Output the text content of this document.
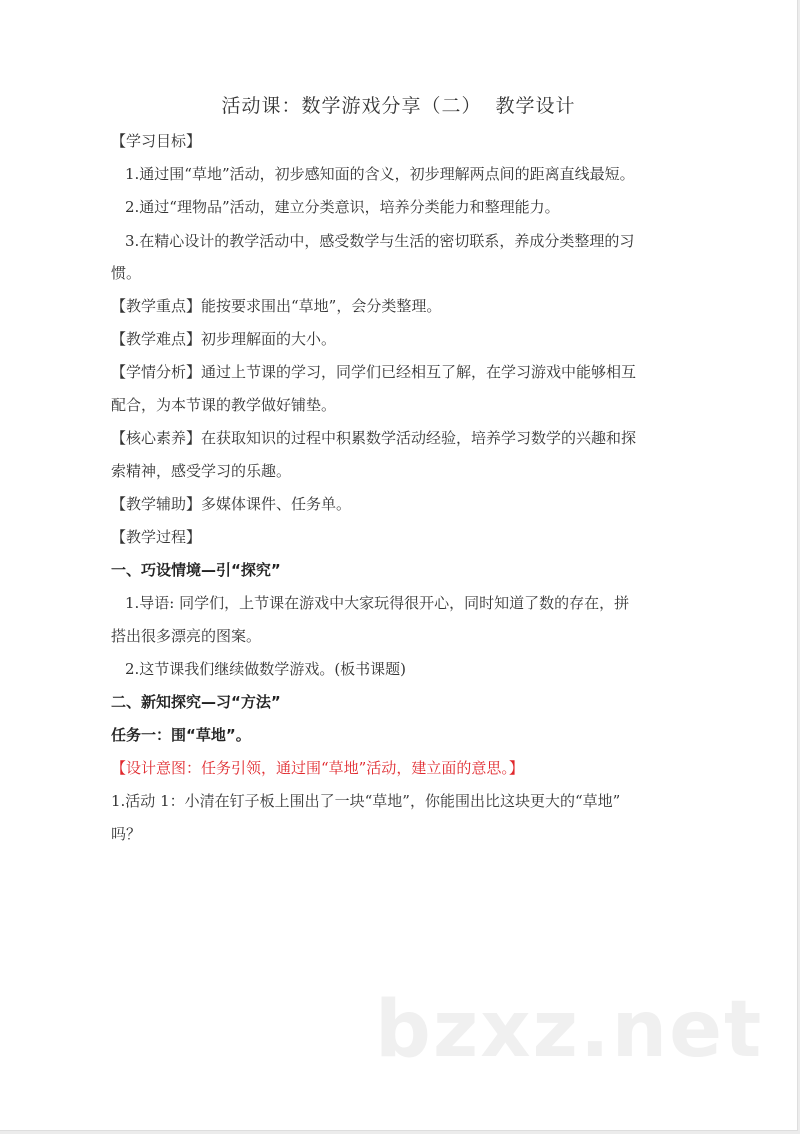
活动课：数学游戏分享（二）  教学设计
【学习目标】
1.通过围“草地”活动，初步感知面的含义，初步理解两点间的距离直线最短。
2.通过“理物品”活动，建立分类意识，培养分类能力和整理能力。
3.在精心设计的教学活动中，感受数学与生活的密切联系，养成分类整理的习
惯。
【教学重点】能按要求围出“草地”，会分类整理。
【教学难点】初步理解面的大小。
【学情分析】通过上节课的学习，同学们已经相互了解，在学习游戏中能够相互
配合，为本节课的教学做好铺垫。
【核心素养】在获取知识的过程中积累数学活动经验，培养学习数学的兴趣和探
索精神，感受学习的乐趣。
【教学辅助】多媒体课件、任务单。
【教学过程】
一、巧设情境—引“探究”
1.导语: 同学们，上节课在游戏中大家玩得很开心，同时知道了数的存在，拼
搭出很多漂亮的图案。
2.这节课我们继续做数学游戏。(板书课题)
二、新知探究—习“方法”
任务一：围“草地”。
【设计意图：任务引领，通过围“草地”活动，建立面的意思。】
1.活动 1：小清在钉子板上围出了一块“草地”，你能围出比这块更大的“草地”
吗？
bzxz.net
